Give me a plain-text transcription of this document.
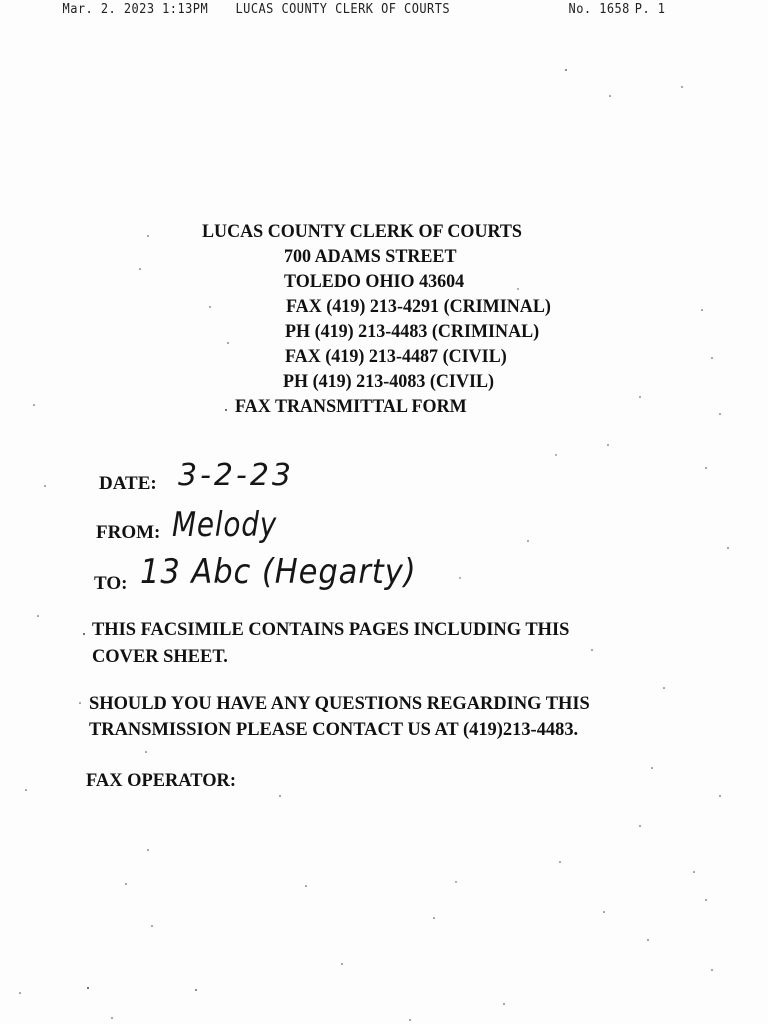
Mar. 2. 2023 1:13PM LUCAS COUNTY CLERK OF COURTS	No. 1658 P. 1
LUCAS COUNTY CLERK OF COURTS
700 ADAMS STREET
TOLEDO OHIO 43604
FAX (419) 213-4291 (CRIMINAL)
PH (419) 213-4483 (CRIMINAL)
FAX (419) 213-4487 (CIVIL)
PH (419) 213-4083 (CIVIL)
FAX TRANSMITTAL FORM
DATE: 3-2-23
FROM: Melody
TO: 13 Abc (Hegarty)
THIS FACSIMILE CONTAINS PAGES INCLUDING THIS
COVER SHEET.
SHOULD YOU HAVE ANY QUESTIONS REGARDING THIS
TRANSMISSION PLEASE CONTACT US AT (419)213-4483.
FAX OPERATOR:
